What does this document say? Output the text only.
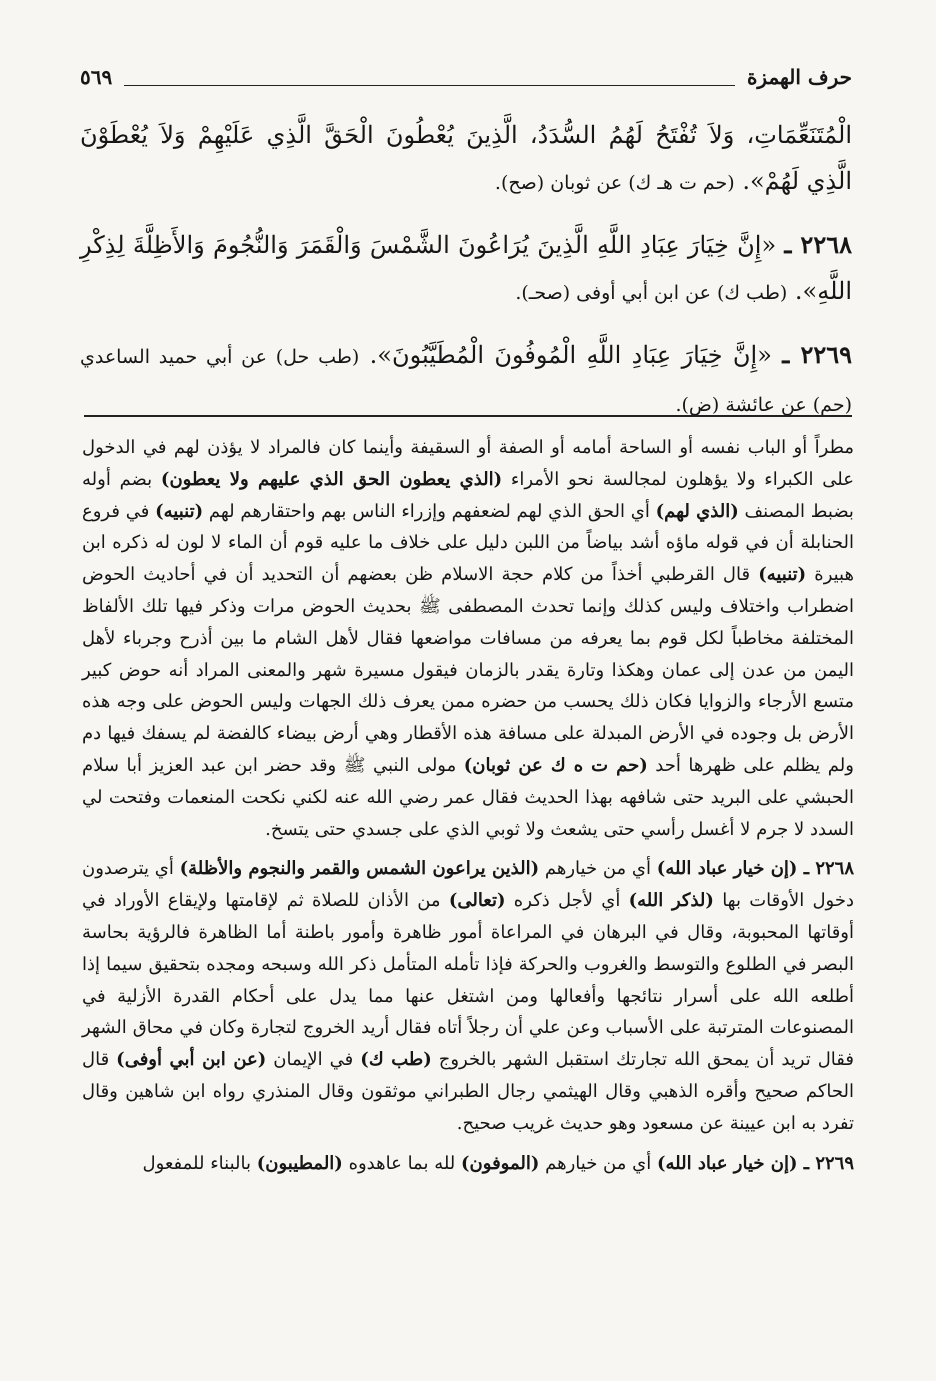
حرف الهمزة
٥٦٩

الْمُتَنَعِّمَاتِ، وَلاَ تُفْتَحُ لَهُمُ السُّدَدُ، الَّذِينَ يُعْطُونَ الْحَقَّ الَّذِي عَلَيْهِمْ وَلاَ يُعْطَوْنَ الَّذِي لَهُمْ». (حم ت هـ ك) عن ثوبان (صح).

٢٢٦٨ ـ «إِنَّ خِيَارَ عِبَادِ اللَّهِ الَّذِينَ يُرَاعُونَ الشَّمْسَ وَالْقَمَرَ وَالنُّجُومَ وَالأَظِلَّةَ لِذِكْرِ اللَّهِ». (طب ك) عن ابن أبي أوفى (صحـ).

٢٢٦٩ ـ «إِنَّ خِيَارَ عِبَادِ اللَّهِ الْمُوفُونَ الْمُطَيَّبُونَ». (طب حل) عن أبي حميد الساعدي (حم) عن عائشة (ض).

مطراً أو الباب نفسه أو الساحة أمامه أو الصفة أو السقيفة وأينما كان فالمراد لا يؤذن لهم في الدخول على الكبراء ولا يؤهلون لمجالسة نحو الأمراء (الذي يعطون الحق الذي عليهم ولا يعطون) بضم أوله بضبط المصنف (الذي لهم) أي الحق الذي لهم لضعفهم وإزراء الناس بهم واحتقارهم لهم (تنبيه) في فروع الحنابلة أن في قوله ماؤه أشد بياضاً من اللبن دليل على خلاف ما عليه قوم أن الماء لا لون له ذكره ابن هبيرة (تنبيه) قال القرطبي أخذاً من كلام حجة الاسلام ظن بعضهم أن التحديد أن في أحاديث الحوض اضطراب واختلاف وليس كذلك وإنما تحدث المصطفى ﷺ بحديث الحوض مرات وذكر فيها تلك الألفاظ المختلفة مخاطباً لكل قوم بما يعرفه من مسافات مواضعها فقال لأهل الشام ما بين أذرح وجرباء لأهل اليمن من عدن إلى عمان وهكذا وتارة يقدر بالزمان فيقول مسيرة شهر والمعنى المراد أنه حوض كبير متسع الأرجاء والزوايا فكان ذلك يحسب من حضره ممن يعرف ذلك الجهات وليس الحوض على وجه هذه الأرض بل وجوده في الأرض المبدلة على مسافة هذه الأقطار وهي أرض بيضاء كالفضة لم يسفك فيها دم ولم يظلم على ظهرها أحد (حم ت ه ك عن ثوبان) مولى النبي ﷺ وقد حضر ابن عبد العزيز أبا سلام الحبشي على البريد حتى شافهه بهذا الحديث فقال عمر رضي الله عنه لكني نكحت المنعمات وفتحت لي السدد لا جرم لا أغسل رأسي حتى يشعث ولا ثوبي الذي على جسدي حتى يتسخ.

٢٢٦٨ ـ (إن خيار عباد الله) أي من خيارهم (الذين يراعون الشمس والقمر والنجوم والأظلة) أي يترصدون دخول الأوقات بها (لذكر الله) أي لأجل ذكره (تعالى) من الأذان للصلاة ثم لإقامتها ولإيقاع الأوراد في أوقاتها المحبوبة، وقال في البرهان في المراعاة أمور ظاهرة وأمور باطنة أما الظاهرة فالرؤية بحاسة البصر في الطلوع والتوسط والغروب والحركة فإذا تأمله المتأمل ذكر الله وسبحه ومجده بتحقيق سيما إذا أطلعه الله على أسرار نتائجها وأفعالها ومن اشتغل عنها مما يدل على أحكام القدرة الأزلية في المصنوعات المترتبة على الأسباب وعن علي أن رجلاً أتاه فقال أريد الخروج لتجارة وكان في محاق الشهر فقال تريد أن يمحق الله تجارتك استقبل الشهر بالخروج (طب ك) في الإيمان (عن ابن أبي أوفى) قال الحاكم صحيح وأقره الذهبي وقال الهيثمي رجال الطبراني موثقون وقال المنذري رواه ابن شاهين وقال تفرد به ابن عيينة عن مسعود وهو حديث غريب صحيح.

٢٢٦٩ ـ (إن خيار عباد الله) أي من خيارهم (الموفون) لله بما عاهدوه (المطيبون) بالبناء للمفعول
